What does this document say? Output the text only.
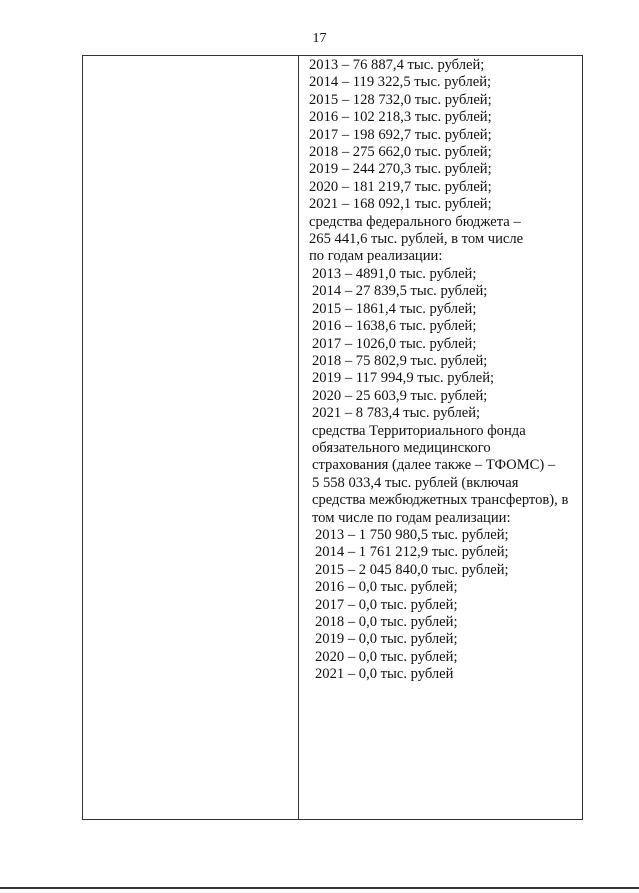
17
2013 – 76 887,4 тыс. рублей;
2014 – 119 322,5 тыс. рублей;
2015 – 128 732,0 тыс. рублей;
2016 – 102 218,3 тыс. рублей;
2017 – 198 692,7 тыс. рублей;
2018 – 275 662,0 тыс. рублей;
2019 – 244 270,3 тыс. рублей;
2020 – 181 219,7 тыс. рублей;
2021 – 168 092,1 тыс. рублей;
средства федерального бюджета –
265 441,6 тыс. рублей, в том числе
по годам реализации:
2013 – 4891,0 тыс. рублей;
2014 – 27 839,5 тыс. рублей;
2015 – 1861,4 тыс. рублей;
2016 – 1638,6 тыс. рублей;
2017 – 1026,0 тыс. рублей;
2018 – 75 802,9 тыс. рублей;
2019 – 117 994,9 тыс. рублей;
2020 – 25 603,9 тыс. рублей;
2021 – 8 783,4 тыс. рублей;
средства Территориального фонда
обязательного медицинского
страхования (далее также – ТФОМС) –
5 558 033,4 тыс. рублей (включая
средства межбюджетных трансфертов), в
том числе по годам реализации:
2013 – 1 750 980,5 тыс. рублей;
2014 – 1 761 212,9 тыс. рублей;
2015 – 2 045 840,0 тыс. рублей;
2016 – 0,0 тыс. рублей;
2017 – 0,0 тыс. рублей;
2018 – 0,0 тыс. рублей;
2019 – 0,0 тыс. рублей;
2020 – 0,0 тыс. рублей;
2021 – 0,0 тыс. рублей
